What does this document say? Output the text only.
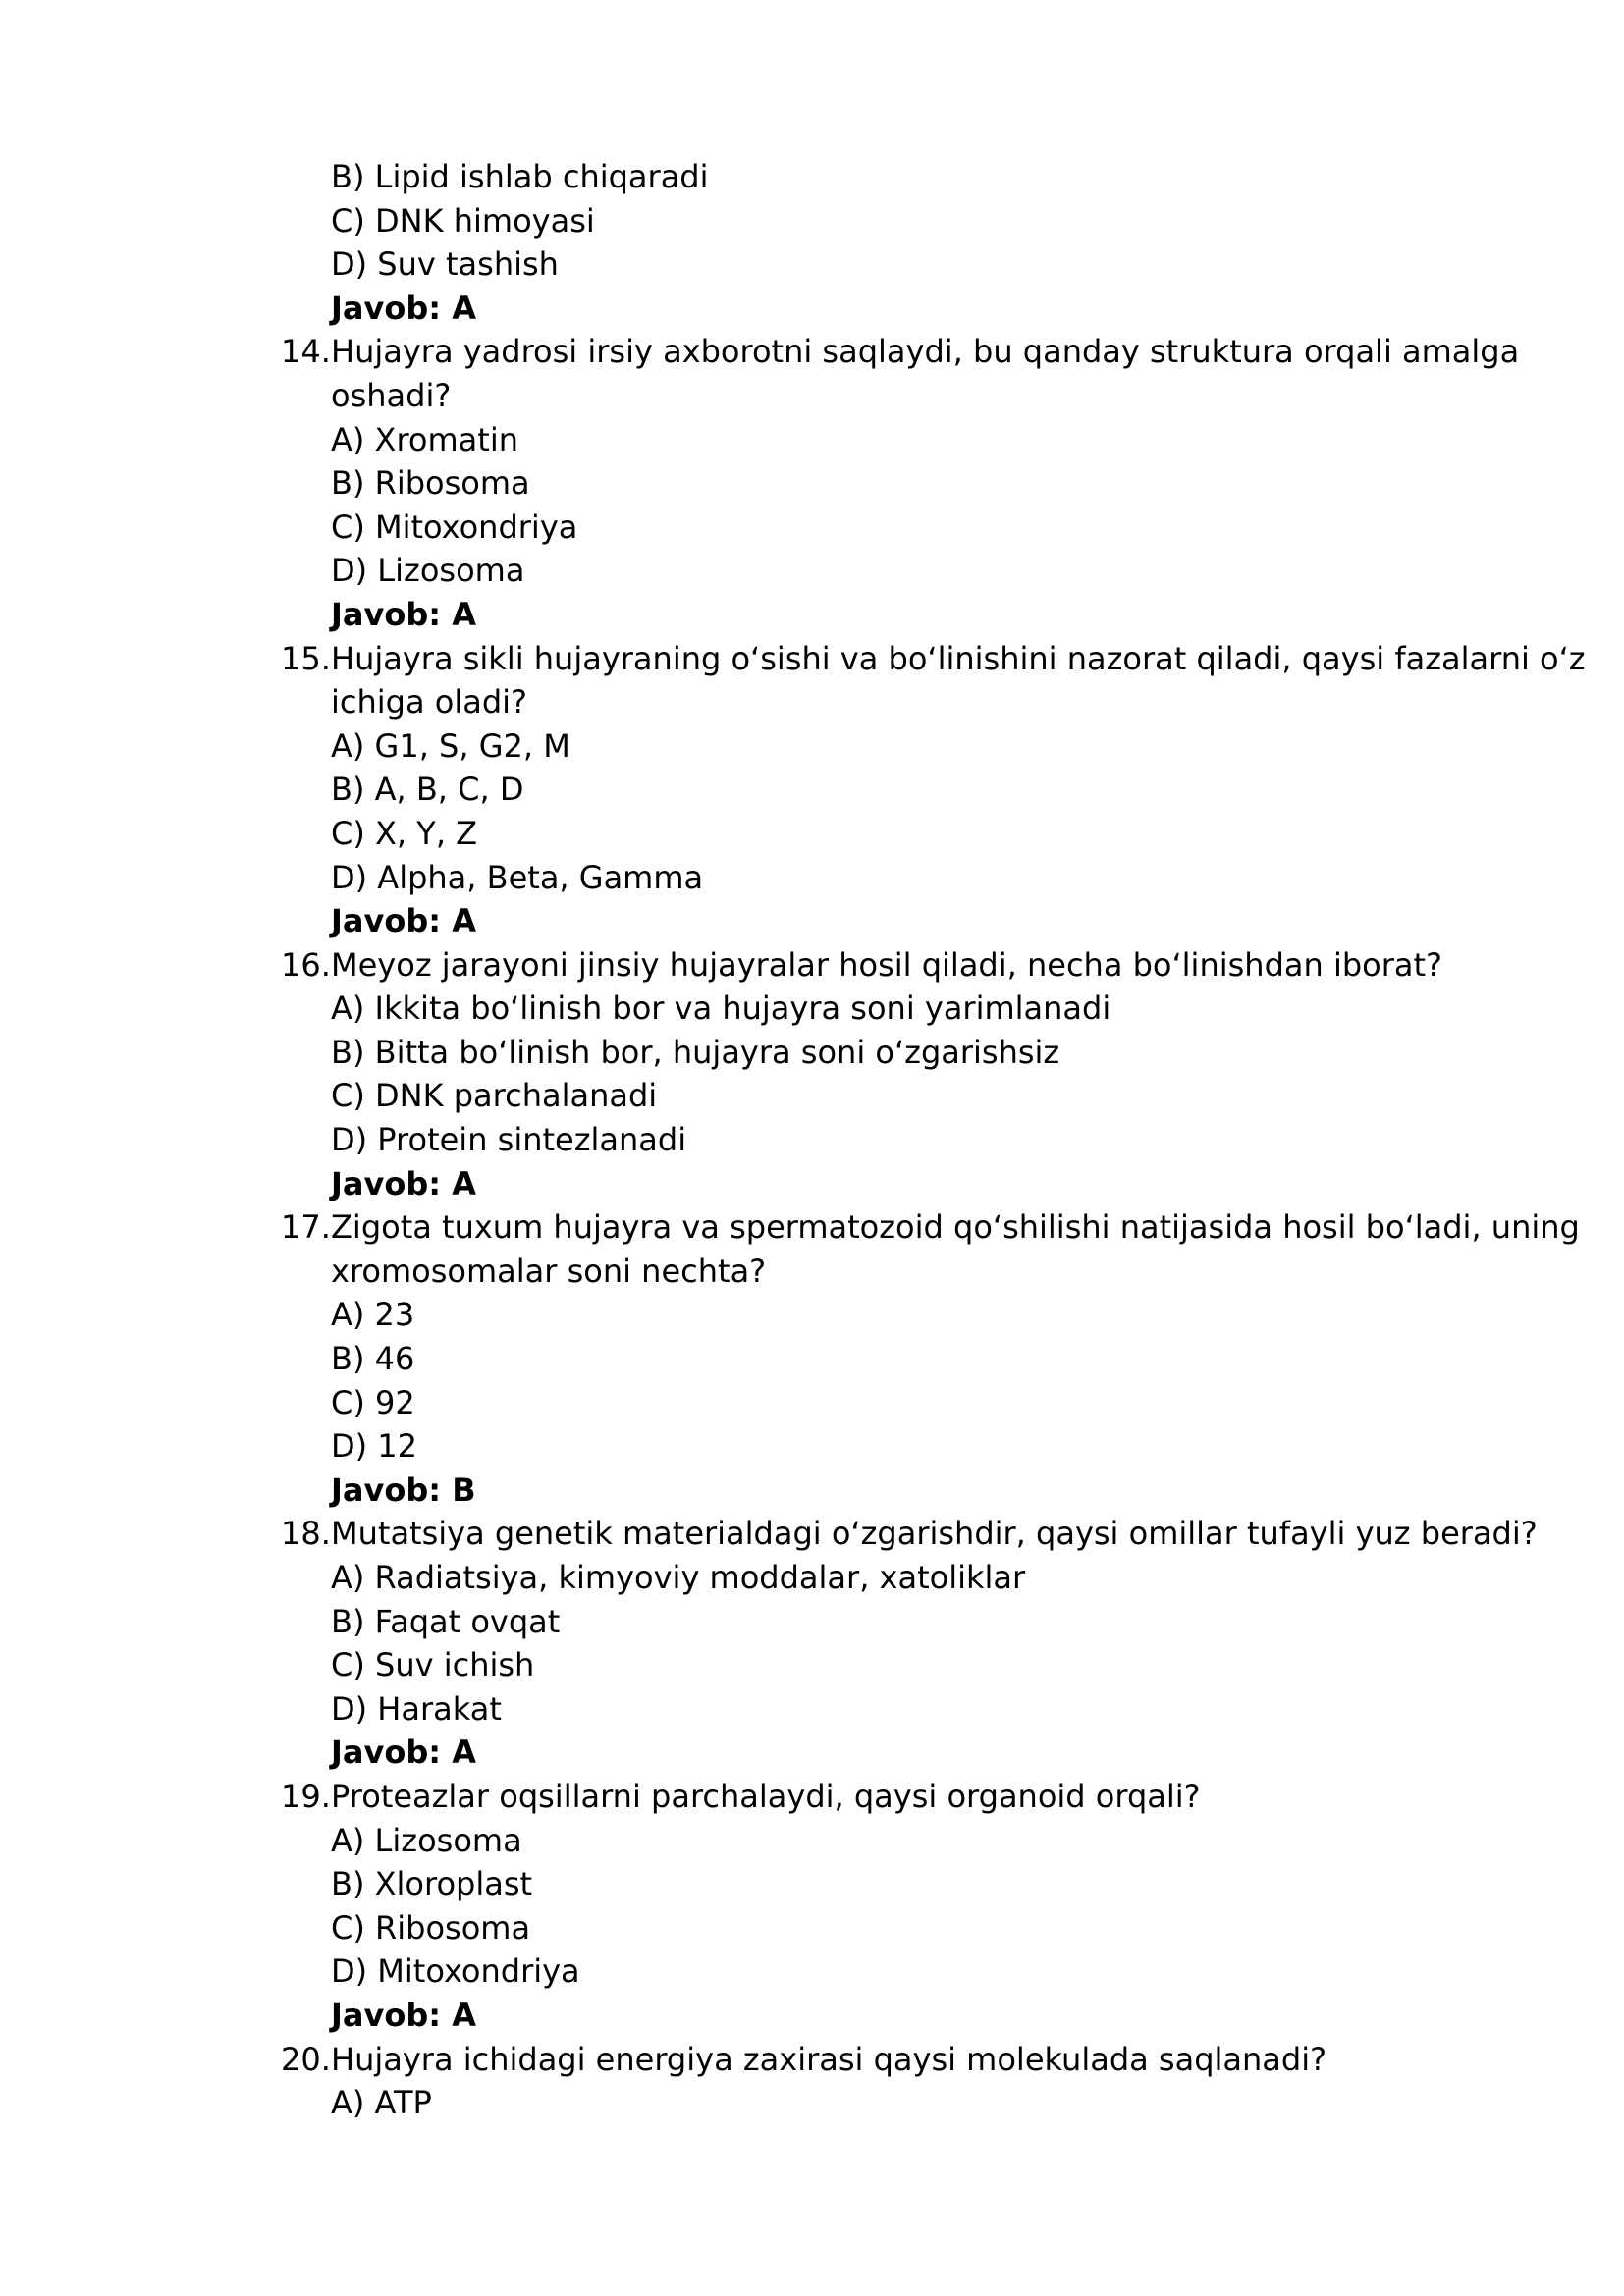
B) Lipid ishlab chiqaradi
C) DNK himoyasi
D) Suv tashish
Javob: A
14. Hujayra yadrosi irsiy axborotni saqlaydi, bu qanday struktura orqali amalga
oshadi?
A) Xromatin
B) Ribosoma
C) Mitoxondriya
D) Lizosoma
Javob: A
15. Hujayra sikli hujayraning o‘sishi va bo‘linishini nazorat qiladi, qaysi fazalarni o‘z
ichiga oladi?
A) G1, S, G2, M
B) A, B, C, D
C) X, Y, Z
D) Alpha, Beta, Gamma
Javob: A
16. Meyoz jarayoni jinsiy hujayralar hosil qiladi, necha bo‘linishdan iborat?
A) Ikkita bo‘linish bor va hujayra soni yarimlanadi
B) Bitta bo‘linish bor, hujayra soni o‘zgarishsiz
C) DNK parchalanadi
D) Protein sintezlanadi
Javob: A
17. Zigota tuxum hujayra va spermatozoid qo‘shilishi natijasida hosil bo‘ladi, uning
xromosomalar soni nechta?
A) 23
B) 46
C) 92
D) 12
Javob: B
18. Mutatsiya genetik materialdagi o‘zgarishdir, qaysi omillar tufayli yuz beradi?
A) Radiatsiya, kimyoviy moddalar, xatoliklar
B) Faqat ovqat
C) Suv ichish
D) Harakat
Javob: A
19. Proteazlar oqsillarni parchalaydi, qaysi organoid orqali?
A) Lizosoma
B) Xloroplast
C) Ribosoma
D) Mitoxondriya
Javob: A
20. Hujayra ichidagi energiya zaxirasi qaysi molekulada saqlanadi?
A) ATP
